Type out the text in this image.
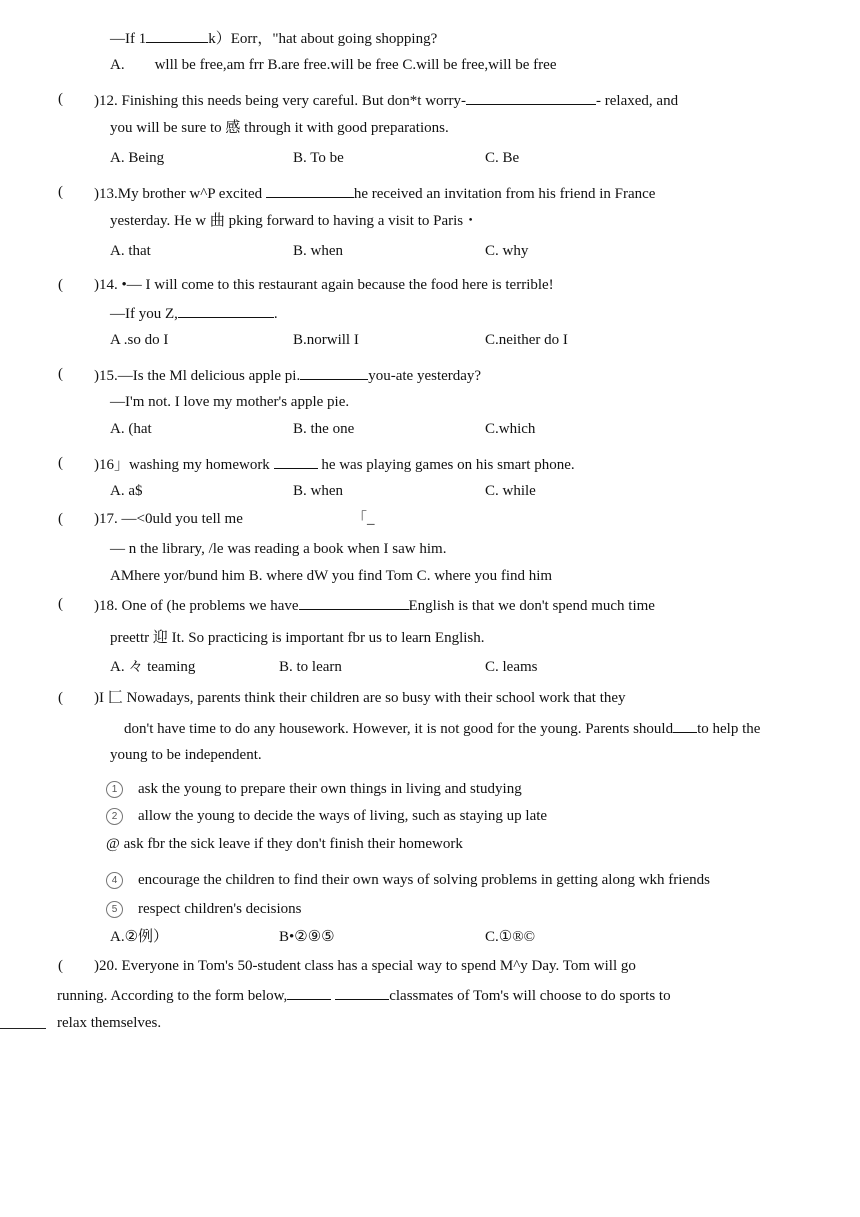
—If 1	k）Eorr，"hat about going shopping?
A. wlll be free,am frr B.are free.will be free C.will be free,will be free
( )12. Finishing this needs being very careful. But don*t worry-	- relaxed, and
you will be sure to 感 through it with good preparations.
A. Being	B. To be	C. Be
( )13.My brother w^P excited	he received an invitation from his friend in France
yesterday. He w 曲 pking forward to having a visit to Paris・
A. that	B. when	C. why
( )14. •— I will come to this restaurant again because the food here is terrible!
—If you Z,	.
A .so do I	B.norwill I	C.neither do I
( )15.—Is the Ml delicious apple pi.	you-ate yesterday?
—I'm not. I love my mother's apple pie.
A. (hat	B. the one	C.which
( )16」washing my homework	he was playing games on his smart phone.
A. a$	B. when	C. while
( )17. —<0uld you tell me	「_
— n the library, /le was reading a book when I saw him.
AMhere yor/bund him B. where dW you find Tom C. where you find him
( )18. One of (he problems we have	English is that we don't spend much time
preettr 迎 It. So practicing is important fbr us to learn English.
A. 々 teaming	B. to learn	C. leams
( )I 匚 Nowadays, parents think their children are so busy with their school work that they
don't have time to do any housework. However, it is not good for the young. Parents should to help the
young to be independent.
1 ask the young to prepare their own things in living and studying
2 allow the young to decide the ways of living, such as staying up late
@ ask fbr the sick leave if they don't finish their homework
4 encourage the children to find their own ways of solving problems in getting along wkh friends
5 respect children's decisions
A.②例）	B•②⑨⑤	C.①®©
( )20. Everyone in Tom's 50-student class has a special way to spend M^y Day. Tom will go
running. According to the form below,	classmates of Tom's will choose to do sports to
relax themselves.
